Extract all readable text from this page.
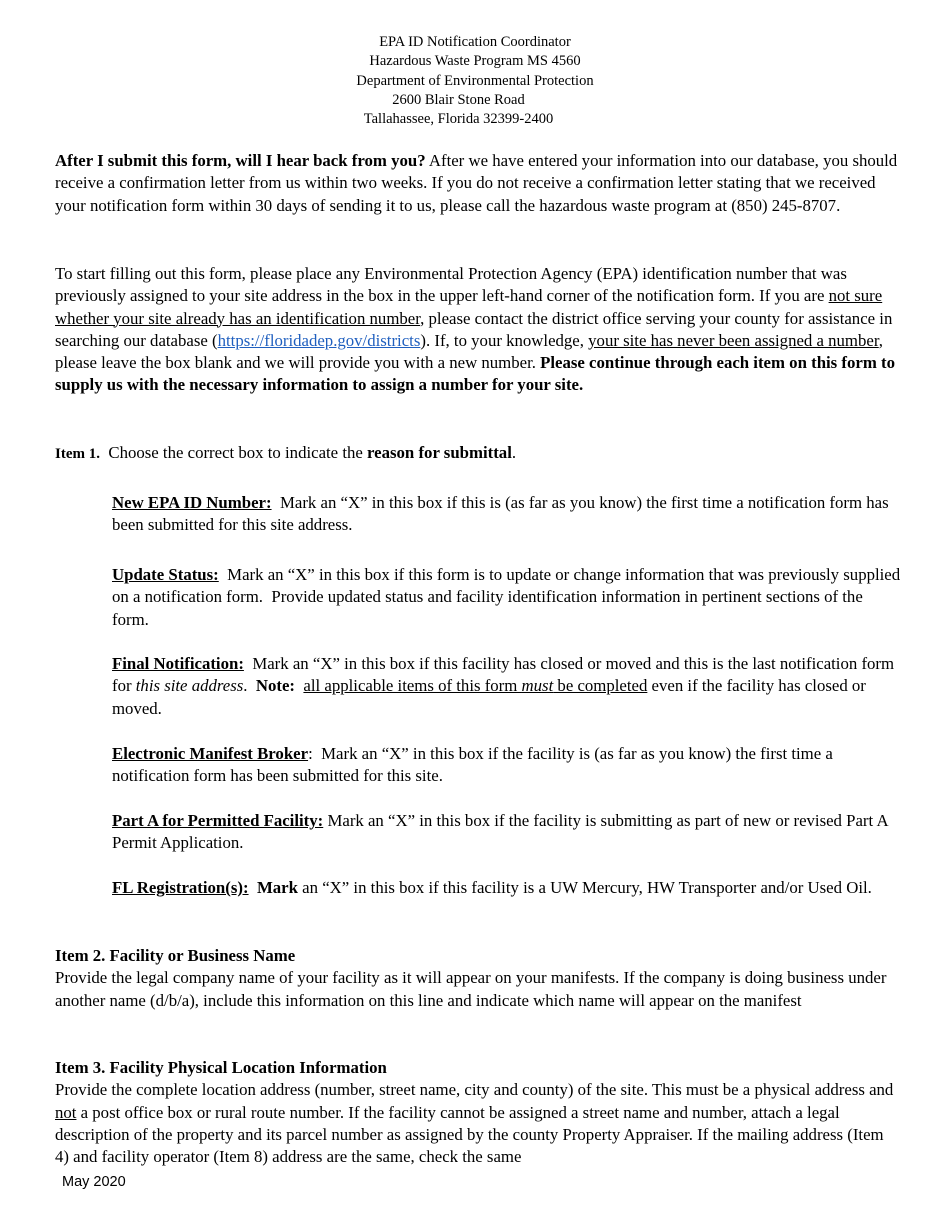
EPA ID Notification Coordinator
Hazardous Waste Program MS 4560
Department of Environmental Protection
2600 Blair Stone Road
Tallahassee, Florida 32399-2400

After I submit this form, will I hear back from you? After we have entered your information into our database, you should receive a confirmation letter from us within two weeks. If you do not receive a confirmation letter stating that we received your notification form within 30 days of sending it to us, please call the hazardous waste program at (850) 245-8707.

To start filling out this form, please place any Environmental Protection Agency (EPA) identification number that was previously assigned to your site address in the box in the upper left-hand corner of the notification form. If you are not sure whether your site already has an identification number, please contact the district office serving your county for assistance in searching our database (https://floridadep.gov/districts). If, to your knowledge, your site has never been assigned a number, please leave the box blank and we will provide you with a new number. Please continue through each item on this form to supply us with the necessary information to assign a number for your site.

Item 1.  Choose the correct box to indicate the reason for submittal.

New EPA ID Number:  Mark an “X” in this box if this is (as far as you know) the first time a notification form has been submitted for this site address.

Update Status:  Mark an “X” in this box if this form is to update or change information that was previously supplied on a notification form.  Provide updated status and facility identification information in pertinent sections of the form.

Final Notification:  Mark an “X” in this box if this facility has closed or moved and this is the last notification form for this site address.  Note: all applicable items of this form must be completed even if the facility has closed or moved.

Electronic Manifest Broker:  Mark an “X” in this box if the facility is (as far as you know) the first time a notification form has been submitted for this site.

Part A for Permitted Facility: Mark an “X” in this box if the facility is submitting as part of new or revised Part A Permit Application.

FL Registration(s): Mark an “X” in this box if this facility is a UW Mercury, HW Transporter and/or Used Oil.

Item 2. Facility or Business Name
Provide the legal company name of your facility as it will appear on your manifests. If the company is doing business under another name (d/b/a), include this information on this line and indicate which name will appear on the manifest

Item 3. Facility Physical Location Information
Provide the complete location address (number, street name, city and county) of the site. This must be a physical address and not a post office box or rural route number. If the facility cannot be assigned a street name and number, attach a legal description of the property and its parcel number as assigned by the county Property Appraiser. If the mailing address (Item 4) and facility operator (Item 8) address are the same, check the same

May 2020
